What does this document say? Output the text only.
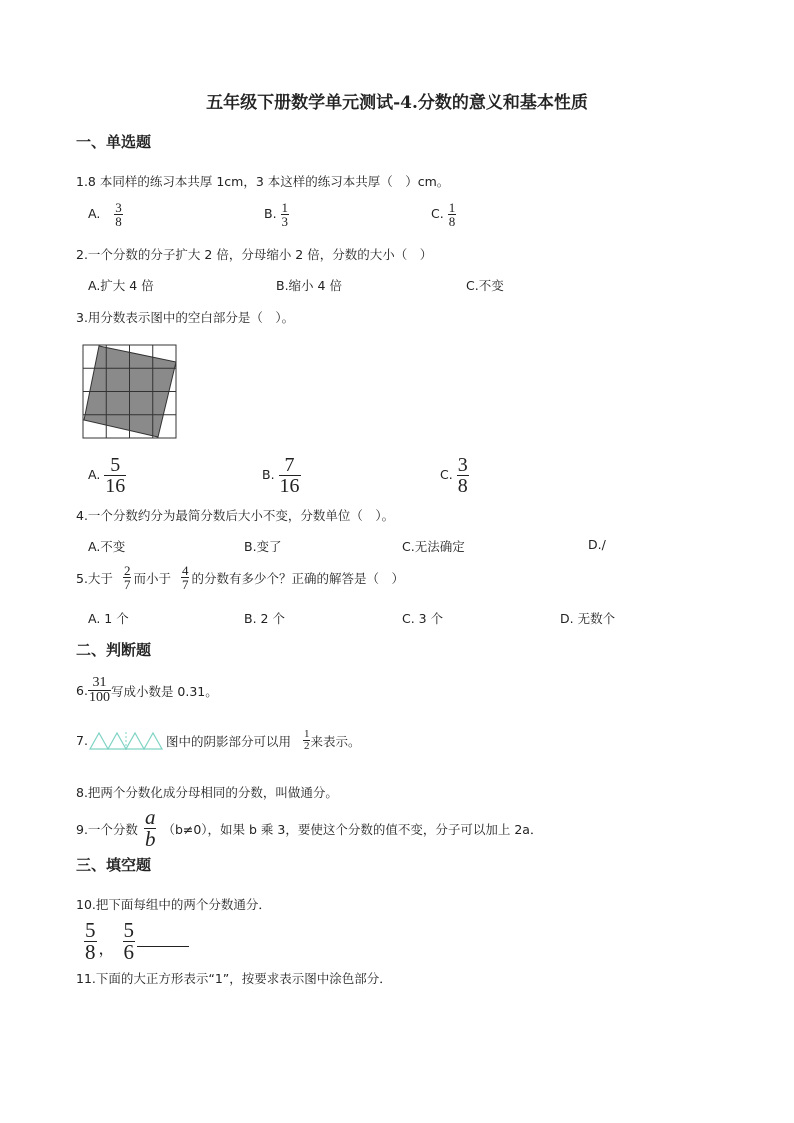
五年级下册数学单元测试-4.分数的意义和基本性质
一、单选题
1.8 本同样的练习本共厚 1cm，3 本这样的练习本共厚（　）cm。
A. $\frac{3}{8}$	B. $\frac{1}{3}$	C. $\frac{1}{8}$
2.一个分数的分子扩大 2 倍，分母缩小 2 倍，分数的大小（　）
A.扩大 4 倍	B.缩小 4 倍	C.不变
3.用分数表示图中的空白部分是（　）。
A. $\frac{5}{16}$	B. $\frac{7}{16}$	C. $\frac{3}{8}$
4.一个分数约分为最简分数后大小不变，分数单位（　）。
A.不变	B.变了	C.无法确定	D./
5.大于 $\frac{2}{7}$ 而小于 $\frac{4}{7}$ 的分数有多少个？正确的解答是（　）
A. 1 个	B. 2 个	C. 3 个	D. 无数个
二、判断题
6. $\frac{31}{100}$ 写成小数是 0.31。
7.	图中的阴影部分可以用 $\frac{1}{2}$ 来表示。
8.把两个分数化成分母相同的分数，叫做通分。
9.一个分数 $\frac{a}{b} (b\ne 0)$，如果 b 乘 3，要使这个分数的值不变，分子可以加上 2a．
三、填空题
10.把下面每组中的两个分数通分．
$\frac{5}{8}$ ， $\frac{5}{6}$
11.下面的大正方形表示“1”，按要求表示图中涂色部分．
